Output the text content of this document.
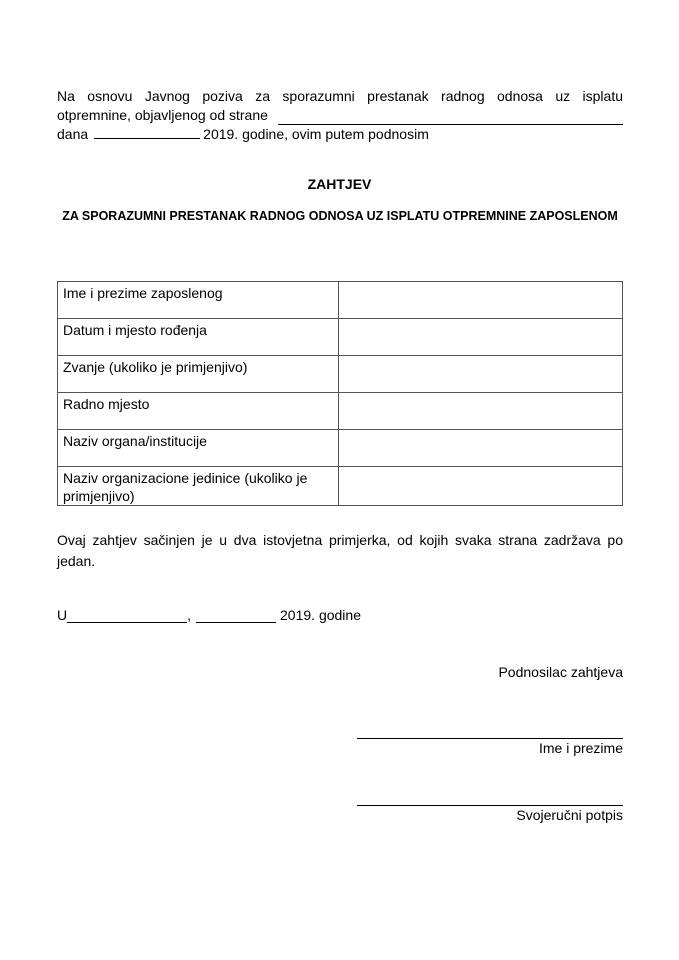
Na osnovu Javnog poziva za sporazumni prestanak radnog odnosa uz isplatu
otpremnine, objavljenog od strane
dana	2019. godine, ovim putem podnosim
ZAHTJEV
ZA SPORAZUMNI PRESTANAK RADNOG ODNOSA UZ ISPLATU OTPREMNINE ZAPOSLENOM
Ime i prezime zaposlenog	
Datum i mjesto rođenja	
Zvanje (ukoliko je primjenjivo)	
Radno mjesto	
Naziv organa/institucije	
Naziv organizacione jedinice (ukoliko je primjenjivo)	
Ovaj zahtjev sačinjen je u dva istovjetna primjerka, od kojih svaka strana zadržava po jedan.
U	,	2019. godine
Podnosilac zahtjeva
Ime i prezime
Svojeručni potpis
